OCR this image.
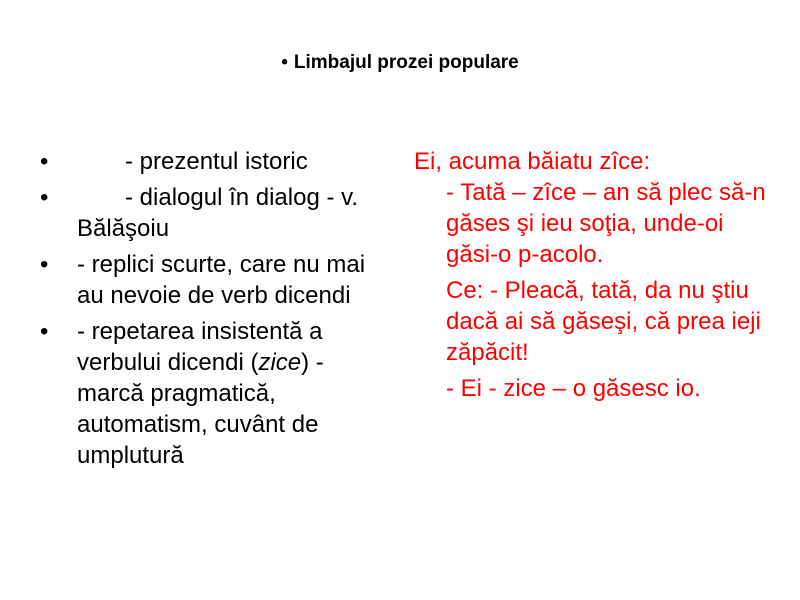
• Limbajul prozei populare
•	- prezentul istoric
•	- dialogul în dialog - v. Bălăşoiu
•	- replici scurte, care nu mai au nevoie de verb dicendi
•	- repetarea insistentă a verbului dicendi (zice) - marcă pragmatică, automatism, cuvânt de umplutură

Ei, acuma băiatu zîce:

- Tată – zîce – an să plec să-n găses şi ieu soţia, unde-oi găsi-o p-acolo.

Ce: - Pleacă, tată, da nu ştiu dacă ai să găseşi, că prea ieji zăpăcit!

- Ei - zice – o găsesc io.
